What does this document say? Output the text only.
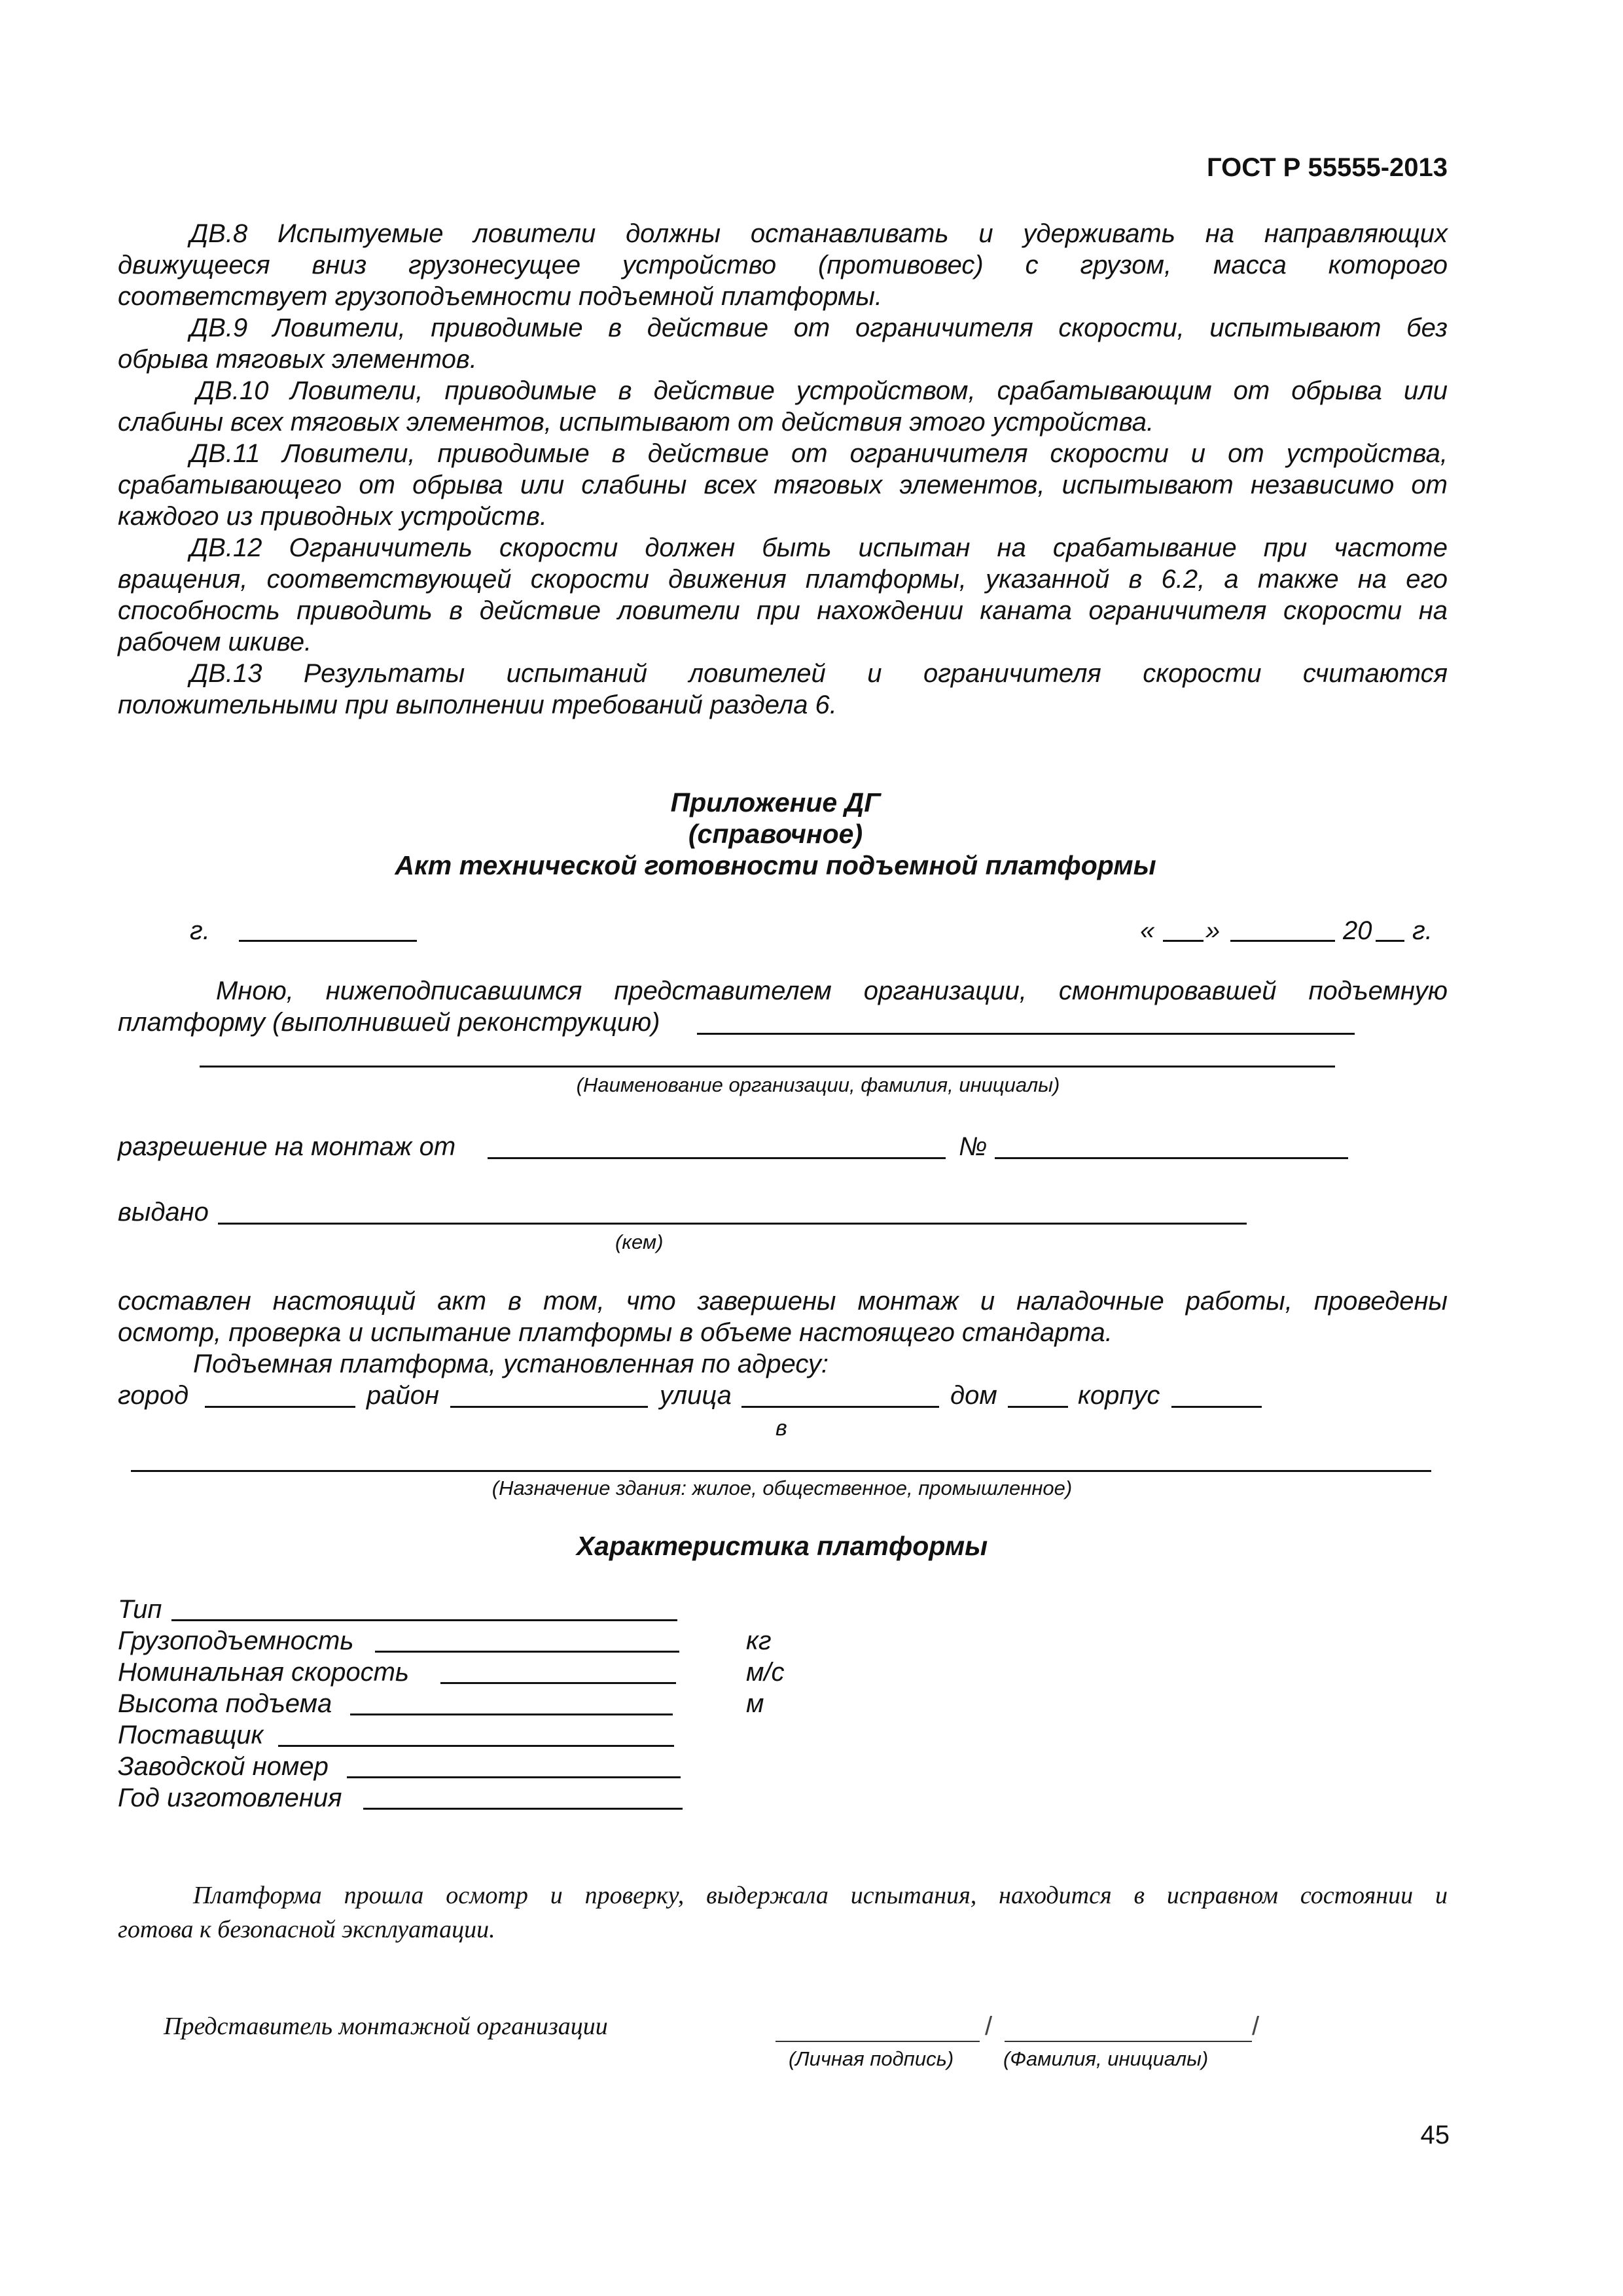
ГОСТ Р 55555-2013
ДВ.8 Испытуемые ловители должны останавливать и удерживать на направляющих
движущееся вниз грузонесущее устройство (противовес) с грузом, масса которого
соответствует грузоподъемности подъемной платформы.
ДВ.9 Ловители, приводимые в действие от ограничителя скорости, испытывают без
обрыва тяговых элементов.
ДВ.10 Ловители, приводимые в действие устройством, срабатывающим от обрыва или
слабины всех тяговых элементов, испытывают от действия этого устройства.
ДВ.11 Ловители, приводимые в действие от ограничителя скорости и от устройства,
срабатывающего от обрыва или слабины всех тяговых элементов, испытывают независимо от
каждого из приводных устройств.
ДВ.12 Ограничитель скорости должен быть испытан на срабатывание при частоте
вращения, соответствующей скорости движения платформы, указанной в 6.2, а также на его
способность приводить в действие ловители при нахождении каната ограничителя скорости на
рабочем шкиве.
ДВ.13 Результаты испытаний ловителей и ограничителя скорости считаются
положительными при выполнении требований раздела 6.
Приложение ДГ
(справочное)
Акт технической готовности подъемной платформы
г.	« »	20 г.
Мною, нижеподписавшимся представителем организации, смонтировавшей подъемную
платформу (выполнившей реконструкцию)
(Наименование организации, фамилия, инициалы)
разрешение на монтаж от	№
выдано
(кем)
составлен настоящий акт в том, что завершены монтаж и наладочные работы, проведены
осмотр, проверка и испытание платформы в объеме настоящего стандарта.
Подъемная платформа, установленная по адресу:
город	район	улица	дом	корпус
в
(Назначение здания: жилое, общественное, промышленное)
Характеристика платформы
Тип
Грузоподъемность	кг
Номинальная скорость	м/с
Высота подъема	м
Поставщик
Заводской номер
Год изготовления
Платформа прошла осмотр и проверку, выдержала испытания, находится в исправном состоянии и
готова к безопасной эксплуатации.
Представитель монтажной организации	/	/
(Личная подпись) (Фамилия, инициалы)
45
